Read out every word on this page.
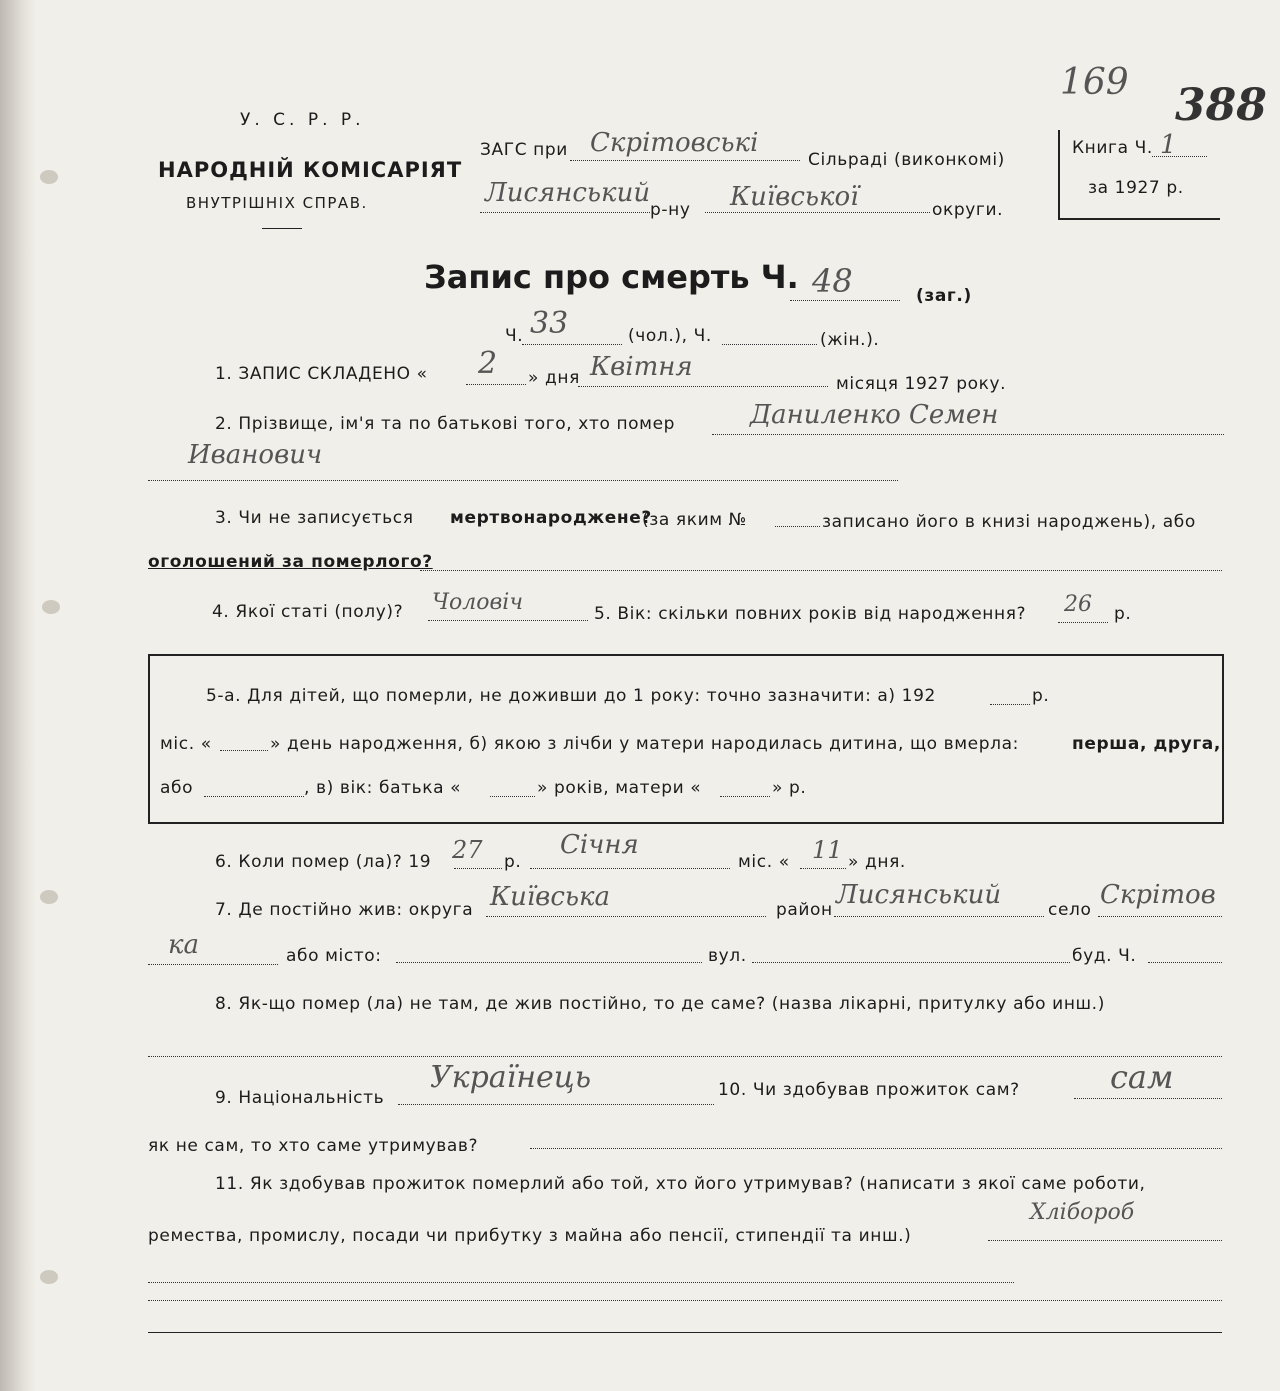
169 388
У. С. Р. Р.
НАРОДНІЙ КОМІСАРІЯТ
ВНУТРІШНІХ СПРАВ.
ЗАГС при Скрітовські
Сільраді (виконкомі)
Лисянський
р-ну Київської	округи.
Книга Ч. 1
за 1927 р.
Запис про смерть Ч. 48	(заг.)
Ч. 33	(чол.), Ч.	(жін.).
1. ЗАПИС СКЛАДЕНО « 2 » дня Квітня
місяця 1927 року.
2. Прізвище, ім'я та по батькові того, хто помер	Даниленко Семен
Иванович
3. Чи не записується мертвонароджене?
(за яким №	записано його в книзі народжень), або
оголошений за померлого?
4. Якої статі (полу)? Чоловіч	5. Вік: скільки повних років від народження? 26 р.
5-а. Для дітей, що померли, не доживши до 1 року: точно зазначити: а) 192	р.
міс. «	» день народження, б) якою з лічби у матери народилась дитина, що вмерла:	перша, друга,
або	, в) вік: батька «	» років, матери «	» р.
6. Коли помер (ла)? 19 27 р.
Січня
міс. « 11 » дня.
7. Де постійно жив: округа Київська	район Лисянський	село Скрітов
ка	або місто:	вул.	буд. Ч.
8. Як-що помер (ла) не там, де жив постійно, то де саме? (назва лікарні, притулку або инш.)
9. Національність
Українець	10. Чи здобував прожиток сам?	сам
як не сам, то хто саме утримував?
11. Як здобував прожиток померлий або той, хто його утримував? (написати з якої саме роботи,
ремества, промислу, посади чи прибутку з майна або пенсії, стипендії та инш.)
Хлібороб
